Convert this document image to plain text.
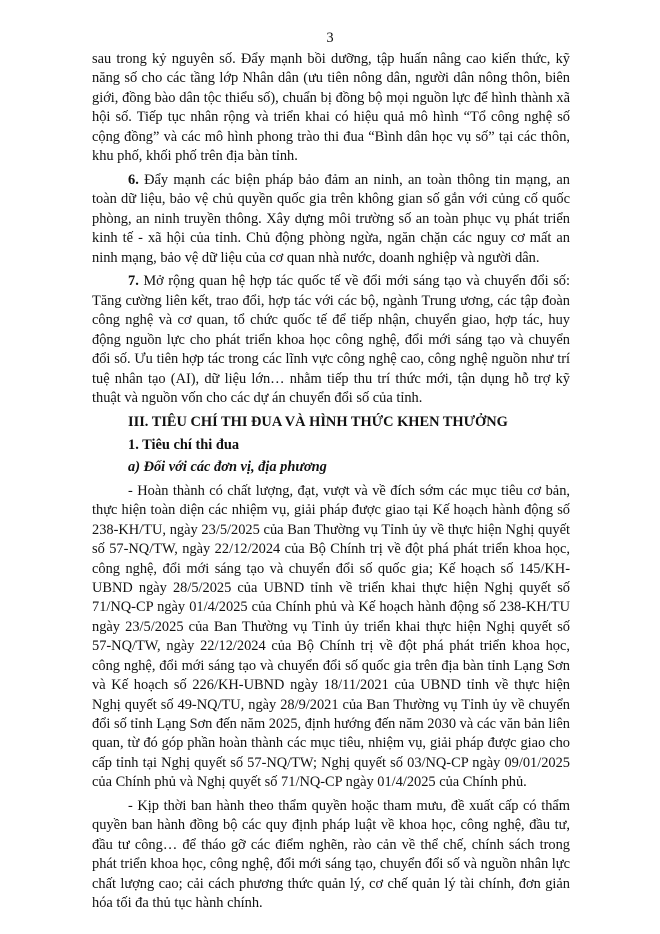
3

sau trong kỷ nguyên số. Đẩy mạnh bồi dưỡng, tập huấn nâng cao kiến thức, kỹ năng số cho các tầng lớp Nhân dân (ưu tiên nông dân, người dân nông thôn, biên giới, đồng bào dân tộc thiểu số), chuẩn bị đồng bộ mọi nguồn lực để hình thành xã hội số. Tiếp tục nhân rộng và triển khai có hiệu quả mô hình “Tổ công nghệ số cộng đồng” và các mô hình phong trào thi đua “Bình dân học vụ số” tại các thôn, khu phố, khối phố trên địa bàn tỉnh.

6. Đẩy mạnh các biện pháp bảo đảm an ninh, an toàn thông tin mạng, an toàn dữ liệu, bảo vệ chủ quyền quốc gia trên không gian số gắn với củng cố quốc phòng, an ninh truyền thông. Xây dựng môi trường số an toàn phục vụ phát triển kinh tế - xã hội của tỉnh. Chủ động phòng ngừa, ngăn chặn các nguy cơ mất an ninh mạng, bảo vệ dữ liệu của cơ quan nhà nước, doanh nghiệp và người dân.

7. Mở rộng quan hệ hợp tác quốc tế về đổi mới sáng tạo và chuyển đổi số: Tăng cường liên kết, trao đổi, hợp tác với các bộ, ngành Trung ương, các tập đoàn công nghệ và cơ quan, tổ chức quốc tế để tiếp nhận, chuyển giao, hợp tác, huy động nguồn lực cho phát triển khoa học công nghệ, đổi mới sáng tạo và chuyển đổi số. Ưu tiên hợp tác trong các lĩnh vực công nghệ cao, công nghệ nguồn như trí tuệ nhân tạo (AI), dữ liệu lớn… nhằm tiếp thu trí thức mới, tận dụng hỗ trợ kỹ thuật và nguồn vốn cho các dự án chuyển đổi số của tỉnh.

III. TIÊU CHÍ THI ĐUA VÀ HÌNH THỨC KHEN THƯỞNG

1. Tiêu chí thi đua

a) Đối với các đơn vị, địa phương

- Hoàn thành có chất lượng, đạt, vượt và về đích sớm các mục tiêu cơ bản, thực hiện toàn diện các nhiệm vụ, giải pháp được giao tại Kế hoạch hành động số 238-KH/TU, ngày 23/5/2025 của Ban Thường vụ Tỉnh ủy về thực hiện Nghị quyết số 57-NQ/TW, ngày 22/12/2024 của Bộ Chính trị về đột phá phát triển khoa học, công nghệ, đổi mới sáng tạo và chuyển đổi số quốc gia; Kế hoạch số 145/KH-UBND ngày 28/5/2025 của UBND tỉnh về triển khai thực hiện Nghị quyết số 71/NQ-CP ngày 01/4/2025 của Chính phủ và Kế hoạch hành động số 238-KH/TU ngày 23/5/2025 của Ban Thường vụ Tỉnh ủy triển khai thực hiện Nghị quyết số 57-NQ/TW, ngày 22/12/2024 của Bộ Chính trị về đột phá phát triển khoa học, công nghệ, đổi mới sáng tạo và chuyển đổi số quốc gia trên địa bàn tỉnh Lạng Sơn và Kế hoạch số 226/KH-UBND ngày 18/11/2021 của UBND tỉnh về thực hiện Nghị quyết số 49-NQ/TU, ngày 28/9/2021 của Ban Thường vụ Tỉnh ủy về chuyển đổi số tỉnh Lạng Sơn đến năm 2025, định hướng đến năm 2030 và các văn bản liên quan, từ đó góp phần hoàn thành các mục tiêu, nhiệm vụ, giải pháp được giao cho cấp tỉnh tại Nghị quyết số 57-NQ/TW; Nghị quyết số 03/NQ-CP ngày 09/01/2025 của Chính phủ và Nghị quyết số 71/NQ-CP ngày 01/4/2025 của Chính phủ.

- Kịp thời ban hành theo thẩm quyền hoặc tham mưu, đề xuất cấp có thẩm quyền ban hành đồng bộ các quy định pháp luật về khoa học, công nghệ, đầu tư, đầu tư công… để tháo gỡ các điểm nghẽn, rào cản về thể chế, chính sách trong phát triển khoa học, công nghệ, đổi mới sáng tạo, chuyển đổi số và nguồn nhân lực chất lượng cao; cải cách phương thức quản lý, cơ chế quản lý tài chính, đơn giản hóa tối đa thủ tục hành chính.
